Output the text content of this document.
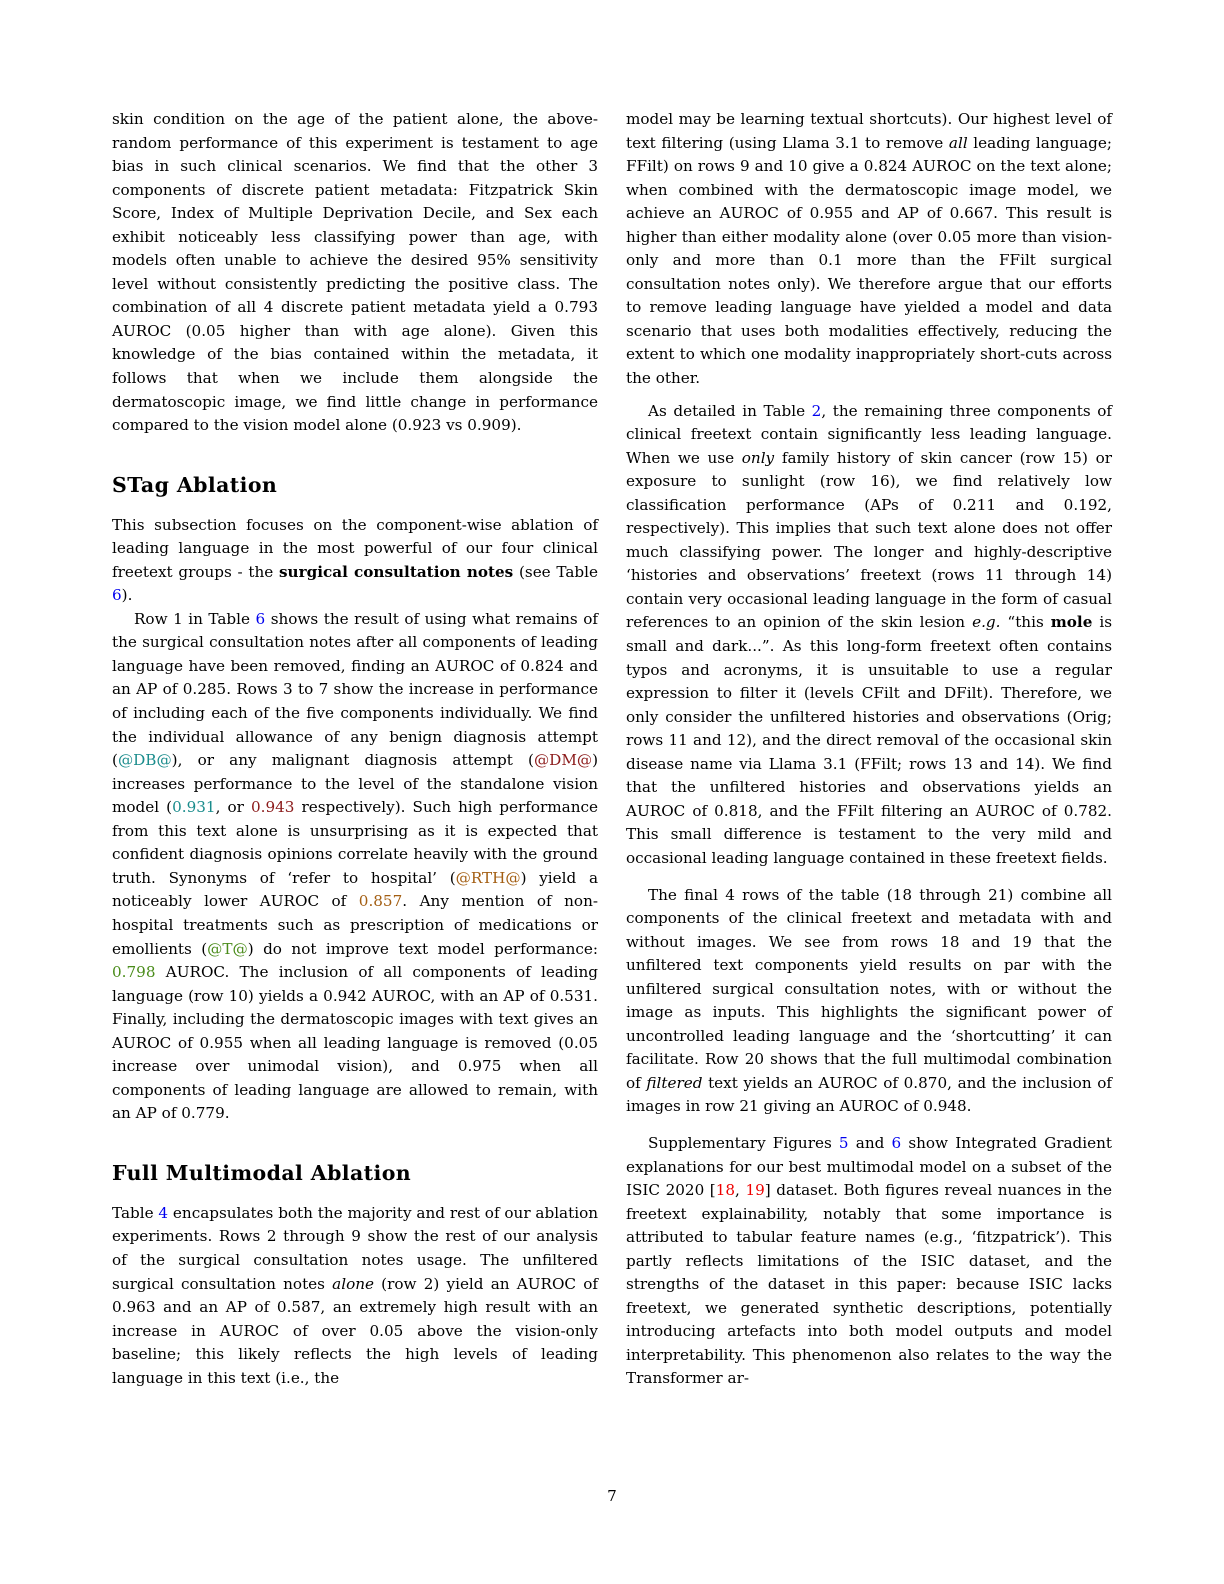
skin condition on the age of the patient alone, the above-random performance of this experiment is testament to age bias in such clinical scenarios. We find that the other 3 components of discrete patient metadata: Fitzpatrick Skin Score, Index of Multiple Deprivation Decile, and Sex each exhibit noticeably less classifying power than age, with models often unable to achieve the desired 95% sensitivity level without consistently predicting the positive class. The combination of all 4 discrete patient metadata yield a 0.793 AUROC (0.05 higher than with age alone). Given this knowledge of the bias contained within the metadata, it follows that when we include them alongside the dermatoscopic image, we find little change in performance compared to the vision model alone (0.923 vs 0.909).

STag Ablation

This subsection focuses on the component-wise ablation of leading language in the most powerful of our four clinical freetext groups - the surgical consultation notes (see Table 6).

Row 1 in Table 6 shows the result of using what remains of the surgical consultation notes after all components of leading language have been removed, finding an AUROC of 0.824 and an AP of 0.285. Rows 3 to 7 show the increase in performance of including each of the five components individually. We find the individual allowance of any benign diagnosis attempt (@DB@), or any malignant diagnosis attempt (@DM@) increases performance to the level of the standalone vision model (0.931, or 0.943 respectively). Such high performance from this text alone is unsurprising as it is expected that confident diagnosis opinions correlate heavily with the ground truth. Synonyms of ‘refer to hospital’ (@RTH@) yield a noticeably lower AUROC of 0.857. Any mention of non-hospital treatments such as prescription of medications or emollients (@T@) do not improve text model performance: 0.798 AUROC. The inclusion of all components of leading language (row 10) yields a 0.942 AUROC, with an AP of 0.531. Finally, including the dermatoscopic images with text gives an AUROC of 0.955 when all leading language is removed (0.05 increase over unimodal vision), and 0.975 when all components of leading language are allowed to remain, with an AP of 0.779.

Full Multimodal Ablation

Table 4 encapsulates both the majority and rest of our ablation experiments. Rows 2 through 9 show the rest of our analysis of the surgical consultation notes usage. The unfiltered surgical consultation notes alone (row 2) yield an AUROC of 0.963 and an AP of 0.587, an extremely high result with an increase in AUROC of over 0.05 above the vision-only baseline; this likely reflects the high levels of leading language in this text (i.e., the

model may be learning textual shortcuts). Our highest level of text filtering (using Llama 3.1 to remove all leading language; FFilt) on rows 9 and 10 give a 0.824 AUROC on the text alone; when combined with the dermatoscopic image model, we achieve an AUROC of 0.955 and AP of 0.667. This result is higher than either modality alone (over 0.05 more than vision-only and more than 0.1 more than the FFilt surgical consultation notes only). We therefore argue that our efforts to remove leading language have yielded a model and data scenario that uses both modalities effectively, reducing the extent to which one modality inappropriately short-cuts across the other.

As detailed in Table 2, the remaining three components of clinical freetext contain significantly less leading language. When we use only family history of skin cancer (row 15) or exposure to sunlight (row 16), we find relatively low classification performance (APs of 0.211 and 0.192, respectively). This implies that such text alone does not offer much classifying power. The longer and highly-descriptive ‘histories and observations’ freetext (rows 11 through 14) contain very occasional leading language in the form of casual references to an opinion of the skin lesion e.g. “this mole is small and dark...”. As this long-form freetext often contains typos and acronyms, it is unsuitable to use a regular expression to filter it (levels CFilt and DFilt). Therefore, we only consider the unfiltered histories and observations (Orig; rows 11 and 12), and the direct removal of the occasional skin disease name via Llama 3.1 (FFilt; rows 13 and 14). We find that the unfiltered histories and observations yields an AUROC of 0.818, and the FFilt filtering an AUROC of 0.782. This small difference is testament to the very mild and occasional leading language contained in these freetext fields.

The final 4 rows of the table (18 through 21) combine all components of the clinical freetext and metadata with and without images. We see from rows 18 and 19 that the unfiltered text components yield results on par with the unfiltered surgical consultation notes, with or without the image as inputs. This highlights the significant power of uncontrolled leading language and the ‘shortcutting’ it can facilitate. Row 20 shows that the full multimodal combination of filtered text yields an AUROC of 0.870, and the inclusion of images in row 21 giving an AUROC of 0.948.

Supplementary Figures 5 and 6 show Integrated Gradient explanations for our best multimodal model on a subset of the ISIC 2020 [18, 19] dataset. Both figures reveal nuances in the freetext explainability, notably that some importance is attributed to tabular feature names (e.g., ‘fitzpatrick’). This partly reflects limitations of the ISIC dataset, and the strengths of the dataset in this paper: because ISIC lacks freetext, we generated synthetic descriptions, potentially introducing artefacts into both model outputs and model interpretability. This phenomenon also relates to the way the Transformer ar-

7
